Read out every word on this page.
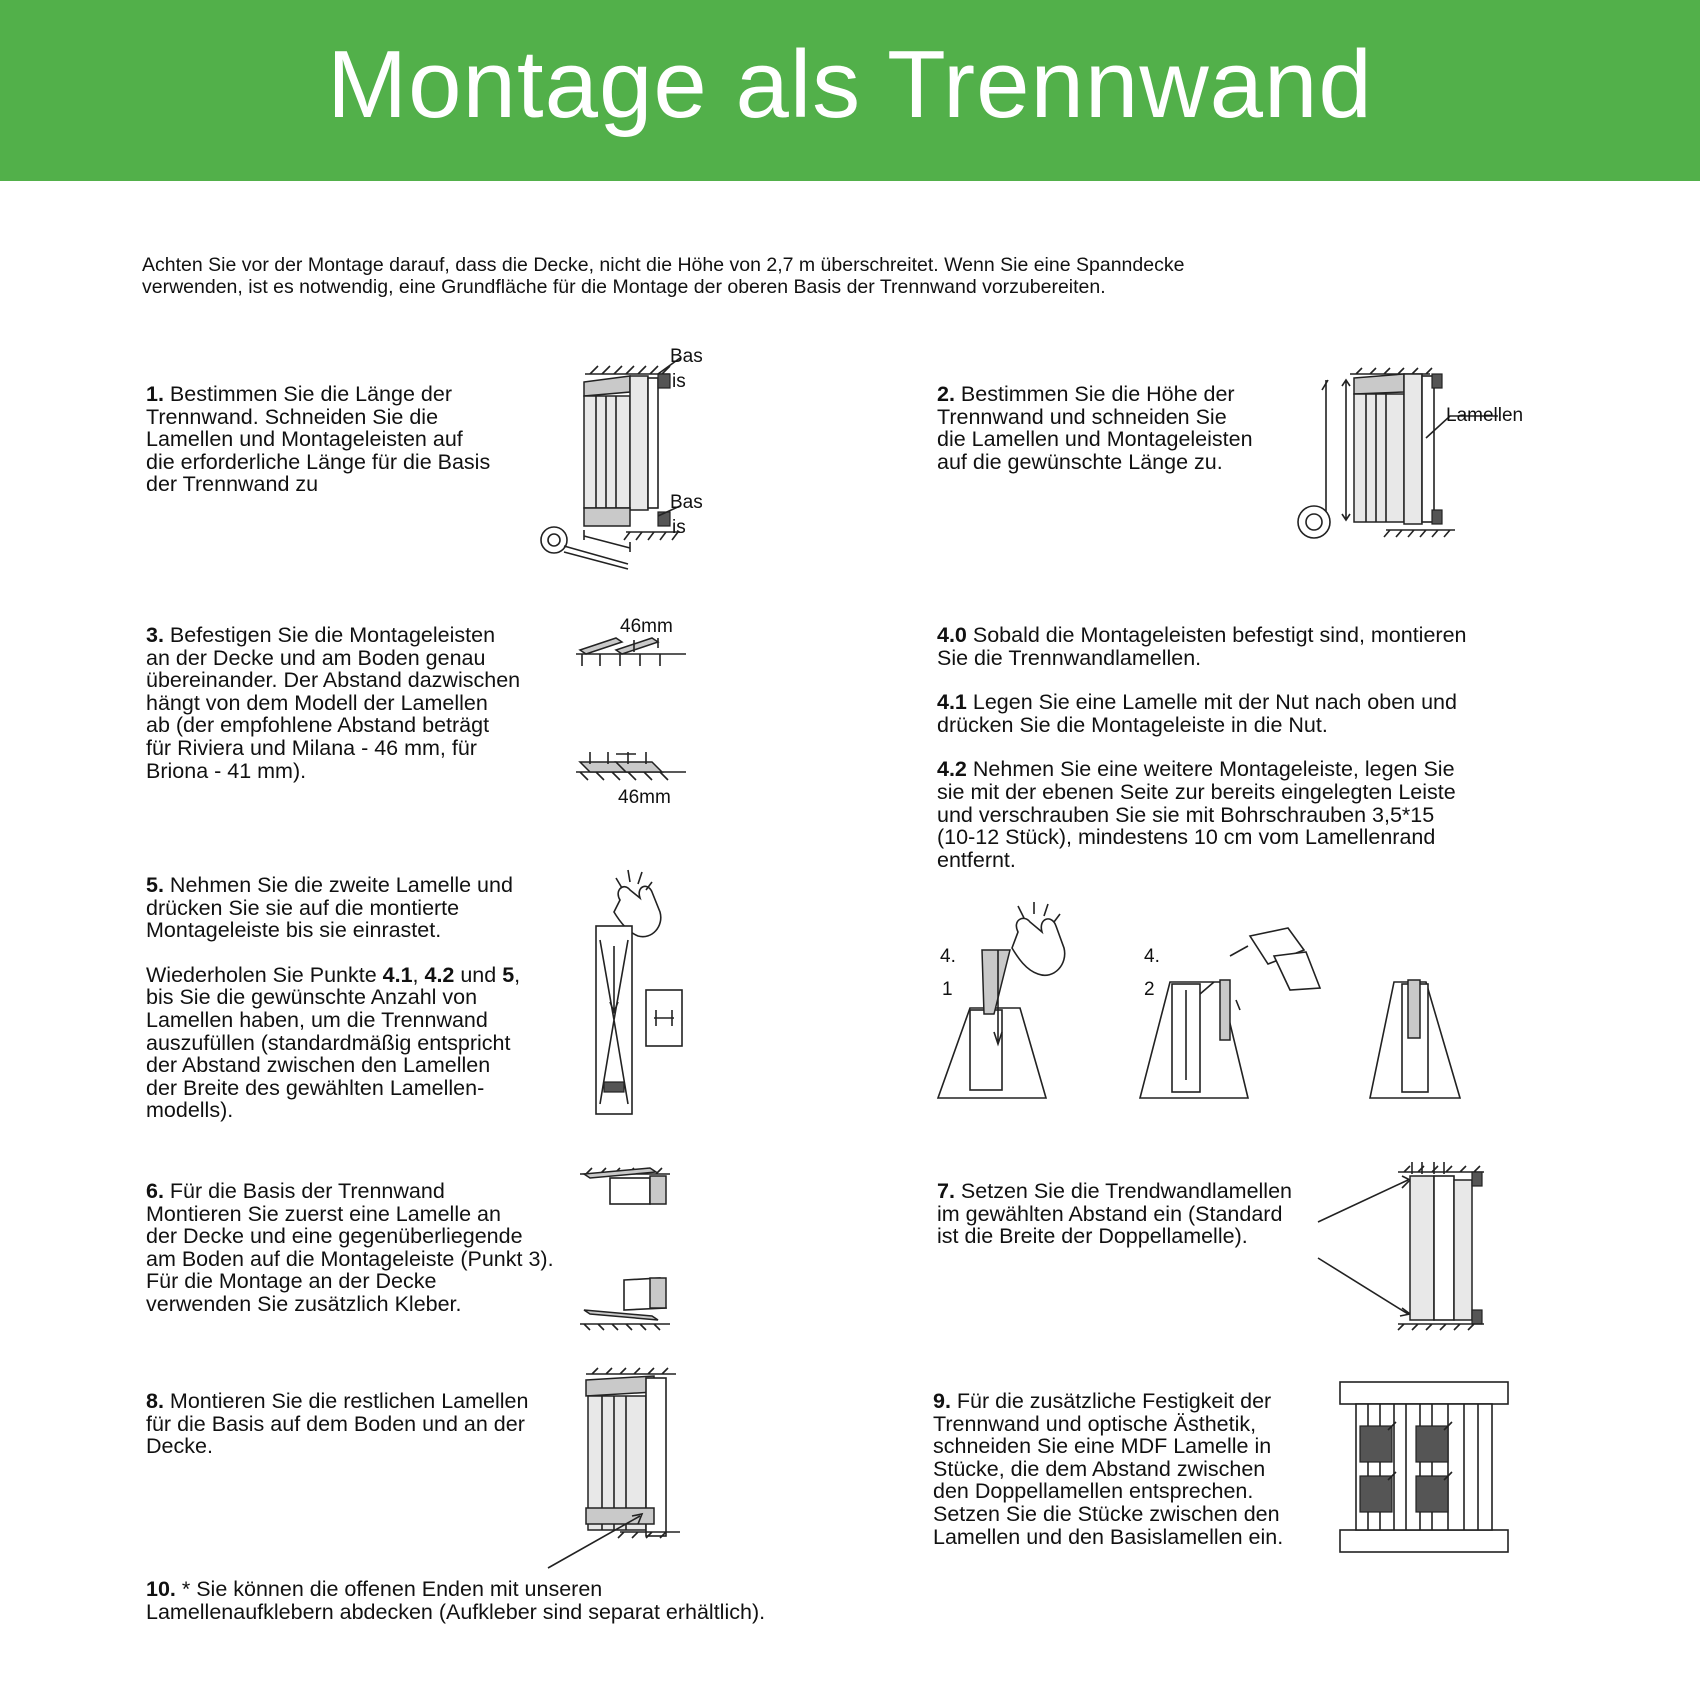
Montage als Trennwand
Achten Sie vor der Montage darauf, dass die Decke, nicht die Höhe von 2,7 m überschreitet. Wenn Sie eine Spanndecke
verwenden, ist es notwendig, eine Grundfläche für die Montage der oberen Basis der Trennwand vorzubereiten.

1. Bestimmen Sie die Länge der

Trennwand. Schneiden Sie die

Lamellen und Montageleisten auf

die erforderliche Länge für die Basis

der Trennwand zu

2. Bestimmen Sie die Höhe der

Trennwand und schneiden Sie

die Lamellen und Montageleisten

auf die gewünschte Länge zu.

3. Befestigen Sie die Montageleisten

an der Decke und am Boden genau

übereinander. Der Abstand dazwischen

hängt von dem Modell der Lamellen

ab (der empfohlene Abstand beträgt

für Riviera und Milana - 46 mm, für

Briona - 41 mm).

4.0 Sobald die Montageleisten befestigt sind, montieren

Sie die Trennwandlamellen.

4.1 Legen Sie eine Lamelle mit der Nut nach oben und

drücken Sie die Montageleiste in die Nut.

4.2 Nehmen Sie eine weitere Montageleiste, legen Sie

sie mit der ebenen Seite zur bereits eingelegten Leiste

und verschrauben Sie sie mit Bohrschrauben 3,5*15

(10-12 Stück), mindestens 10 cm vom Lamellenrand

entfernt.

5. Nehmen Sie die zweite Lamelle und

drücken Sie sie auf die montierte

Montageleiste bis sie einrastet.

Wiederholen Sie Punkte 4.1, 4.2 und 5,

bis Sie die gewünschte Anzahl von

Lamellen haben, um die Trennwand

auszufüllen (standardmäßig entspricht

der Abstand zwischen den Lamellen

der Breite des gewählten Lamellen-

modells).

6. Für die Basis der Trennwand

Montieren Sie zuerst eine Lamelle an

der Decke und eine gegenüberliegende

am Boden auf die Montageleiste (Punkt 3).

Für die Montage an der Decke

verwenden Sie zusätzlich Kleber.

7. Setzen Sie die Trendwandlamellen

im gewählten Abstand ein (Standard

ist die Breite der Doppellamelle).

8. Montieren Sie die restlichen Lamellen

für die Basis auf dem Boden und an der

Decke.

9. Für die zusätzliche Festigkeit der

Trennwand und optische Ästhetik,

schneiden Sie eine MDF Lamelle in

Stücke, die dem Abstand zwischen

den Doppellamellen entsprechen.

Setzen Sie die Stücke zwischen den

Lamellen und den Basislamellen ein.

10. * Sie können die offenen Enden mit unseren

Lamellenaufklebern abdecken (Aufkleber sind separat erhältlich).

Bas
is
Bas
is
Lamellen
46mm
46mm
4.
1
4.
2
